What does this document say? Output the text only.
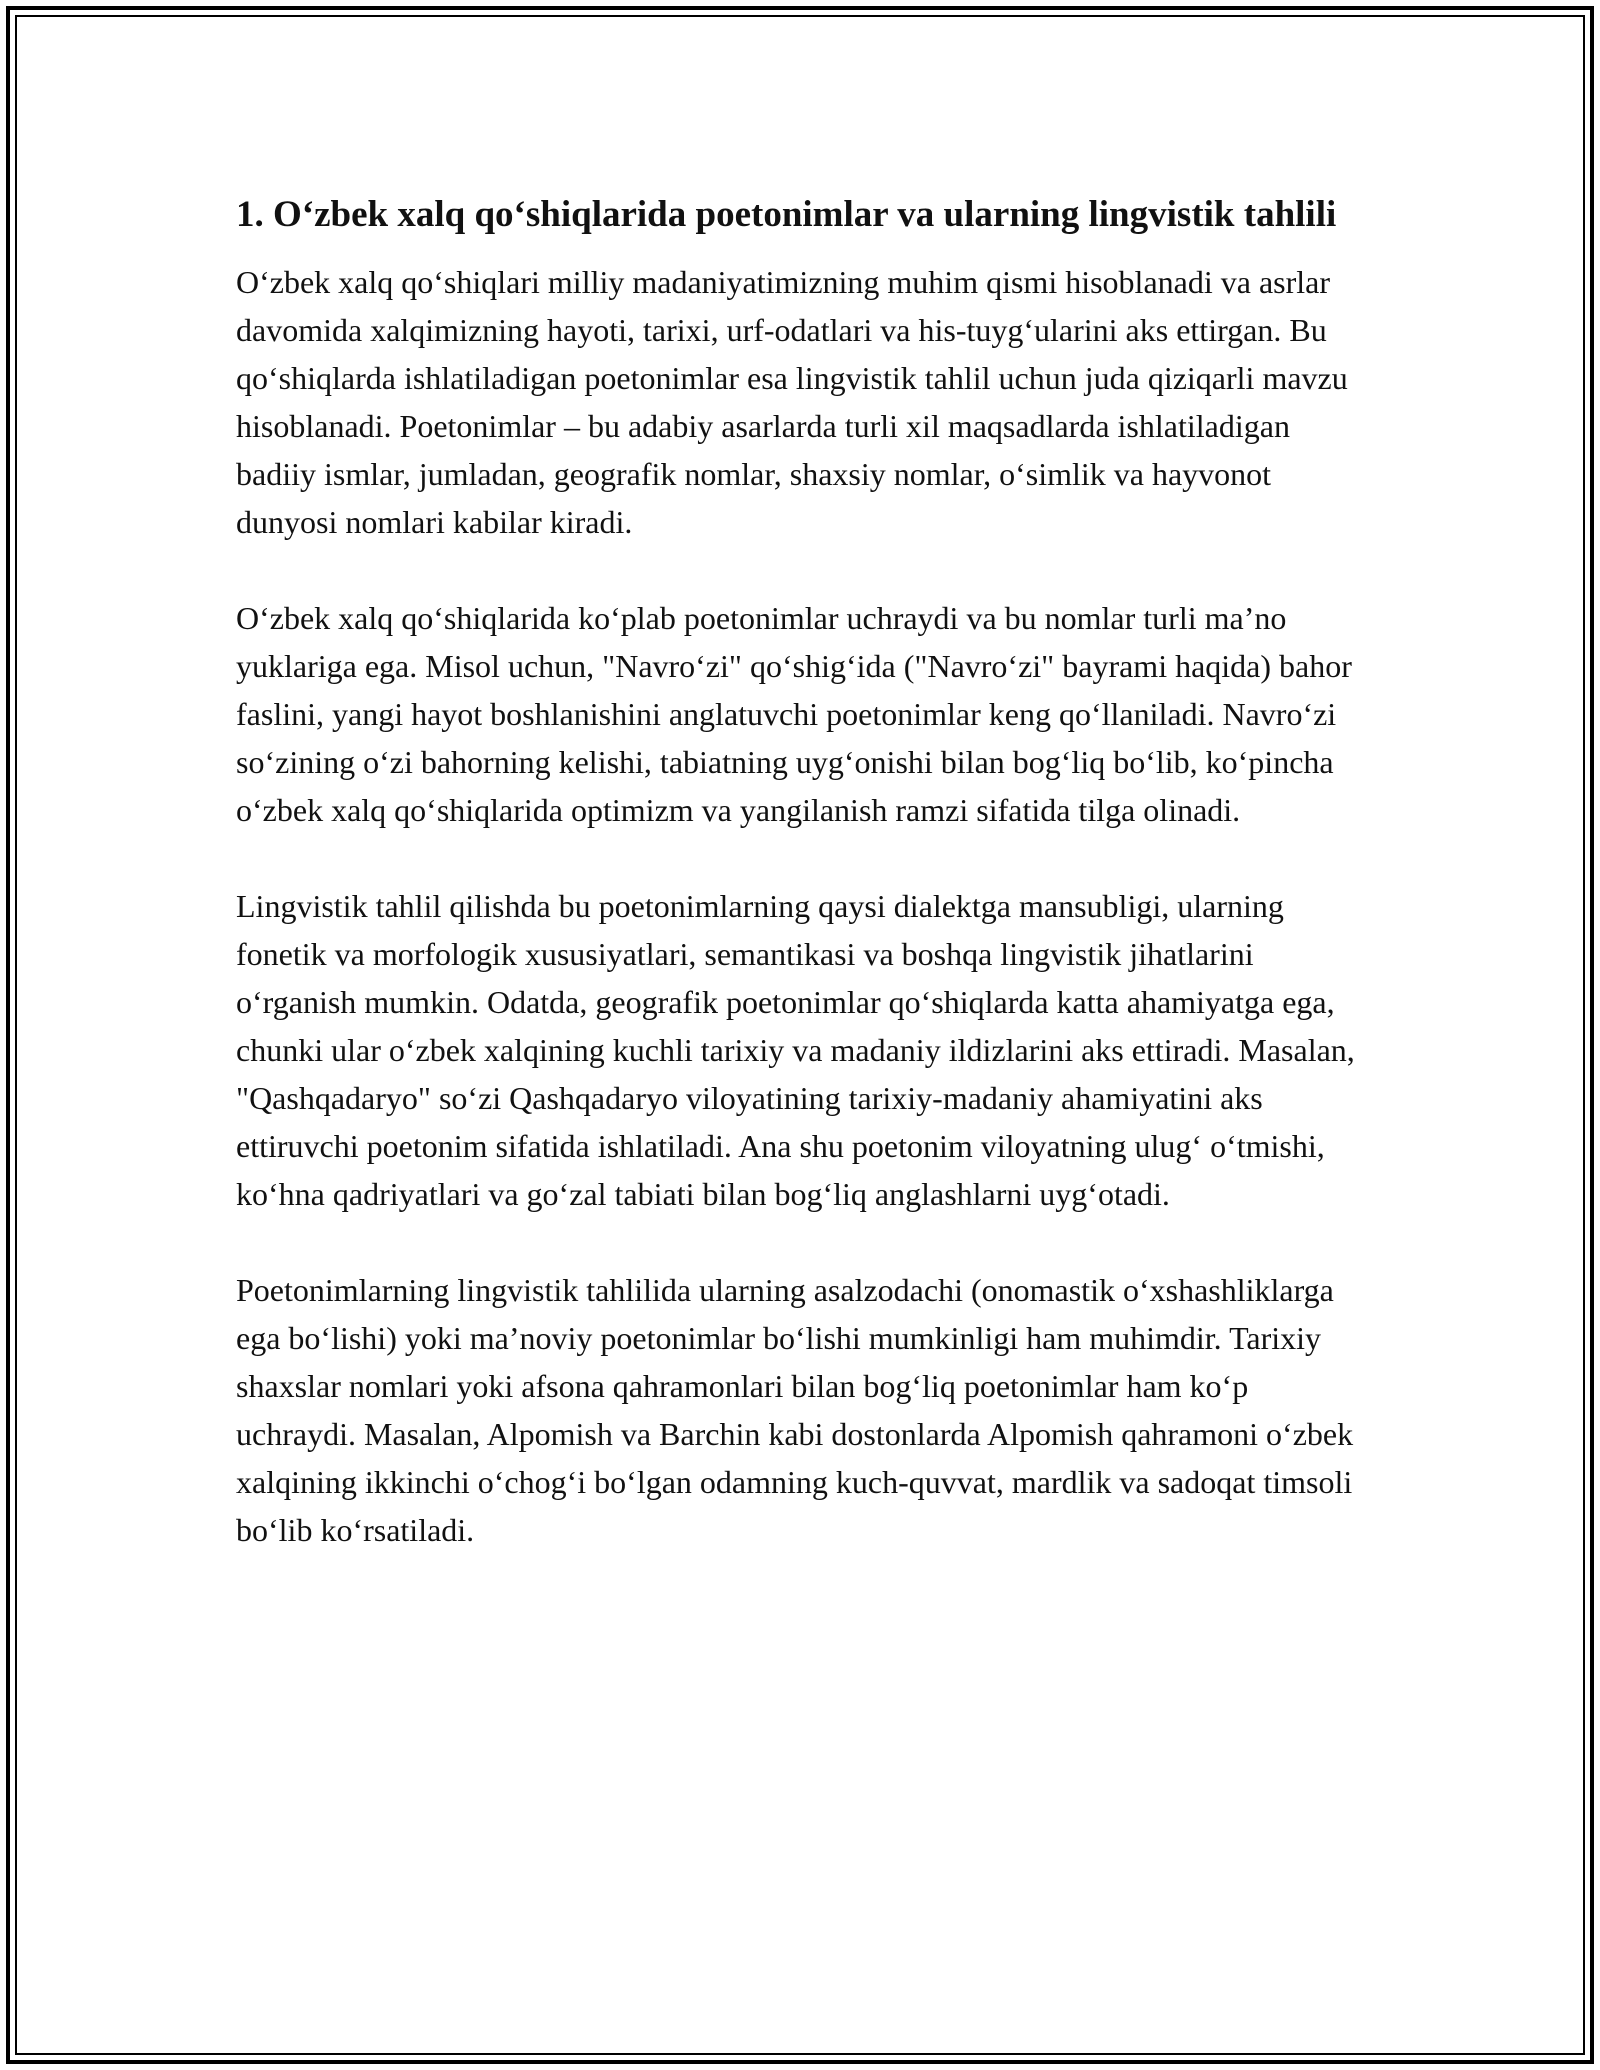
1. O‘zbek xalq qo‘shiqlarida poetonimlar va ularning lingvistik tahlili

O‘zbek xalq qo‘shiqlari milliy madaniyatimizning muhim qismi hisoblanadi va asrlar davomida xalqimizning hayoti, tarixi, urf-odatlari va his-tuyg‘ularini aks ettirgan. Bu qo‘shiqlarda ishlatiladigan poetonimlar esa lingvistik tahlil uchun juda qiziqarli mavzu hisoblanadi. Poetonimlar – bu adabiy asarlarda turli xil maqsadlarda ishlatiladigan badiiy ismlar, jumladan, geografik nomlar, shaxsiy nomlar, o‘simlik va hayvonot dunyosi nomlari kabilar kiradi.

O‘zbek xalq qo‘shiqlarida ko‘plab poetonimlar uchraydi va bu nomlar turli ma’no yuklariga ega. Misol uchun, "Navro‘zi" qo‘shig‘ida ("Navro‘zi" bayrami haqida) bahor faslini, yangi hayot boshlanishini anglatuvchi poetonimlar keng qo‘llaniladi. Navro‘zi so‘zining o‘zi bahorning kelishi, tabiatning uyg‘onishi bilan bog‘liq bo‘lib, ko‘pincha o‘zbek xalq qo‘shiqlarida optimizm va yangilanish ramzi sifatida tilga olinadi.

Lingvistik tahlil qilishda bu poetonimlarning qaysi dialektga mansubligi, ularning fonetik va morfologik xususiyatlari, semantikasi va boshqa lingvistik jihatlarini o‘rganish mumkin. Odatda, geografik poetonimlar qo‘shiqlarda katta ahamiyatga ega, chunki ular o‘zbek xalqining kuchli tarixiy va madaniy ildizlarini aks ettiradi. Masalan, "Qashqadaryo" so‘zi Qashqadaryo viloyatining tarixiy-madaniy ahamiyatini aks ettiruvchi poetonim sifatida ishlatiladi. Ana shu poetonim viloyatning ulug‘ o‘tmishi, ko‘hna qadriyatlari va go‘zal tabiati bilan bog‘liq anglashlarni uyg‘otadi.

Poetonimlarning lingvistik tahlilida ularning asalzodachi (onomastik o‘xshashliklarga ega bo‘lishi) yoki ma’noviy poetonimlar bo‘lishi mumkinligi ham muhimdir. Tarixiy shaxslar nomlari yoki afsona qahramonlari bilan bog‘liq poetonimlar ham ko‘p uchraydi. Masalan, Alpomish va Barchin kabi dostonlarda Alpomish qahramoni o‘zbek xalqining ikkinchi o‘chog‘i bo‘lgan odamning kuch-quvvat, mardlik va sadoqat timsoli bo‘lib ko‘rsatiladi.
